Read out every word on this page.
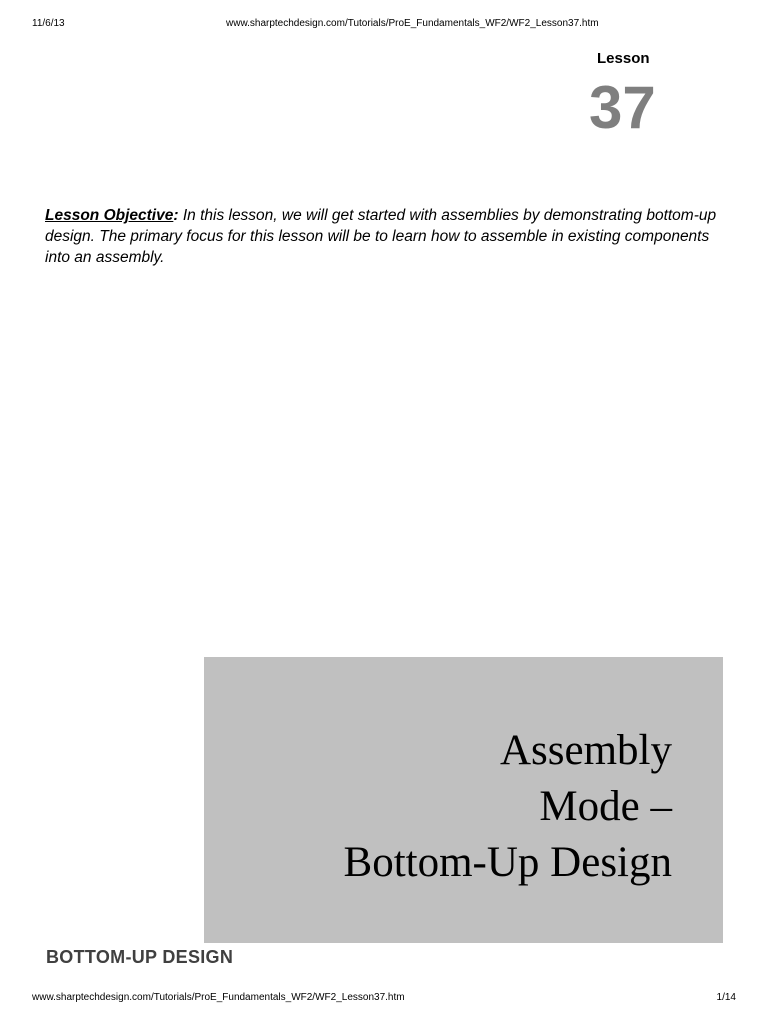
11/6/13	www.sharptechdesign.com/Tutorials/ProE_Fundamentals_WF2/WF2_Lesson37.htm
Lesson
37
Lesson Objective: In this lesson, we will get started with assemblies by demonstrating bottom-up design. The primary focus for this lesson will be to learn how to assemble in existing components into an assembly.
Assembly
Mode –
Bottom-Up Design
BOTTOM-UP DESIGN
www.sharptechdesign.com/Tutorials/ProE_Fundamentals_WF2/WF2_Lesson37.htm	1/14
